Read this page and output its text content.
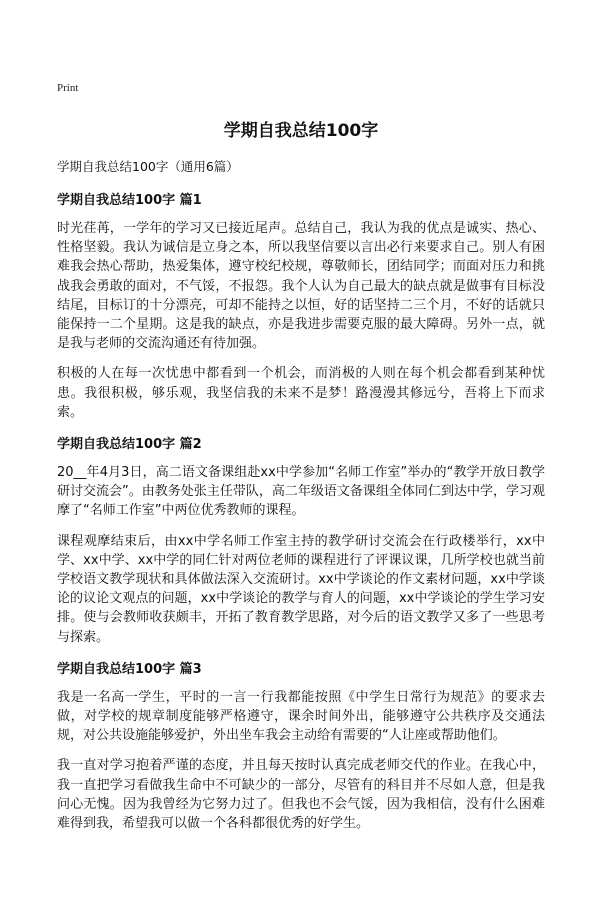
Print
学期自我总结100字
学期自我总结100字（通用6篇）
学期自我总结100字 篇1

时光荏苒，一学年的学习又已接近尾声。总结自己，我认为我的优点是诚实、热心、性格坚毅。我认为诚信是立身之本，所以我坚信要以言出必行来要求自己。别人有困难我会热心帮助，热爱集体，遵守校纪校规，尊敬师长，团结同学；而面对压力和挑战我会勇敢的面对，不气馁，不报怨。我个人认为自己最大的缺点就是做事有目标没结尾，目标订的十分漂亮，可却不能持之以恒，好的话坚持二三个月，不好的话就只能保持一二个星期。这是我的缺点，亦是我进步需要克服的最大障碍。另外一点，就是我与老师的交流沟通还有待加强。

积极的人在每一次忧患中都看到一个机会，而消极的人则在每个机会都看到某种忧患。我很积极，够乐观，我坚信我的未来不是梦！路漫漫其修远兮，吾将上下而求索。

学期自我总结100字 篇2

20__年4月3日，高二语文备课组赴xx中学参加“名师工作室”举办的“教学开放日教学研讨交流会”。由教务处张主任带队，高二年级语文备课组全体同仁到达中学，学习观摩了“名师工作室”中两位优秀教师的课程。

课程观摩结束后，由xx中学名师工作室主持的教学研讨交流会在行政楼举行，xx中学、xx中学、xx中学的同仁针对两位老师的课程进行了评课议课，几所学校也就当前学校语文教学现状和具体做法深入交流研讨。xx中学谈论的作文素材问题，xx中学谈论的议论文观点的问题，xx中学谈论的教学与育人的问题，xx中学谈论的学生学习安排。使与会教师收获颇丰，开拓了教育教学思路，对今后的语文教学又多了一些思考与探索。

学期自我总结100字 篇3

我是一名高一学生，平时的一言一行我都能按照《中学生日常行为规范》的要求去做，对学校的规章制度能够严格遵守，课余时间外出，能够遵守公共秩序及交通法规，对公共设施能够爱护，外出坐车我会主动给有需要的“人让座或帮助他们。

我一直对学习抱着严谨的态度，并且每天按时认真完成老师交代的作业。在我心中，我一直把学习看做我生命中不可缺少的一部分，尽管有的科目并不尽如人意，但是我问心无愧。因为我曾经为它努力过了。但我也不会气馁，因为我相信，没有什么困难难得到我，希望我可以做一个各科都很优秀的好学生。
